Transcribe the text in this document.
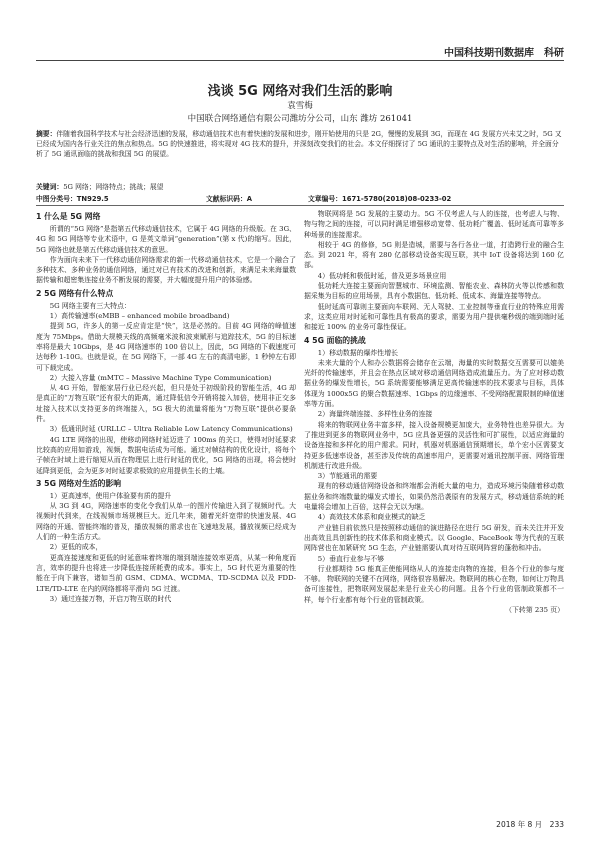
中国科技期刊数据库　科研
浅谈 5G 网络对我们生活的影响
袁雪梅
中国联合网络通信有限公司潍坊分公司，山东 潍坊 261041
摘要：伴随着我国科学技术与社会经济迅速的发展，移动通信技术也有着快速的发展和进步，刚开始使用的只是 2G，慢慢的发展到 3G，而现在 4G 发展方兴未艾之时，5G 又已经成为国内各行业关注的焦点和热点。5G 的快速推进，将实现对 4G 技术的提升，并深刻改变我们的社会。本文仔细探讨了 5G 通讯的主要特点及对生活的影响，并全面分析了 5G 通讯面临的挑战和我国 5G 的展望。
关键词：5G 网络；网络特点；挑战；展望
中图分类号：TN929.5	文献标识码：A	文章编号：1671-5780(2018)08-0233-02
1 什么是 5G 网络

所谓的“5G 网络”是指第五代移动通信技术，它属于 4G 网络的升级版。在 3G、4G 和 5G 网络等专业术语中，G 是英文单词“generation”(第 x 代)的缩写。因此，5G 网络也就是第五代移动通信技术的意思。

作为面向未来下一代移动通信网络需求的新一代移动通信技术，它是一个融合了多种技术、多种业务的通信网络，通过对已有技术的改进和创新，来满足未来海量数据传输和超密集连接业务不断发展的需要，并大幅度提升用户的体验感。

2 5G 网络有什么特点

5G 网络主要有三大特点：

1）高传输速率(eMBB – enhanced mobile broadband)

提到 5G，许多人的第一反应肯定是“快”，这是必然的。目前 4G 网络的峰值速度为 75Mbps。借助大规模天线的高频毫米波和波束赋形与追踪技术，5G 的目标速率将是最大 10Gbps，是 4G 网络速率的 100 倍以上，因此，5G 网络的下载速度可达每秒 1-10G。也就是说，在 5G 网络下，一部 4G 左右的高清电影，1 秒钟左右即可下载完成。

2）大接入容量 (mMTC – Massive Machine Type Communication)

从 4G 开始，智能家居行业已经兴起，但只是处于初级阶段的智能生活，4G 却是真正的“万物互联”还有很大的距离，通过降低信令开销将接入加倍，使用非正交多址接入技术以支持更多的终端接入，5G 极大的流量将能为“万物互联”提供必要条件。

3）低通讯时延 (URLLC – Ultra Reliable Low Latency Communications)

4G LTE 网络的出现，使移动网络时延迈进了 100ms 的关口，使得对时延要求比较高的应用如游戏，视频，数据电话成为可能。通过对帧结构的优化设计，将每个子帧在时域上进行缩短从而在物理层上进行时延的优化，5G 网络的出现，将会使时延降到更低，会为更多对时延要求极致的应用提供生长的土壤。

3 5G 网络对生活的影响

1）更高速率，使用户体验要有质的提升

从 3G 到 4G，网络速率的变化令我们从单一的图片传输进入到了视频时代。大视频时代到来，在线视频市场规模巨大。近几年来，随着光纤宽带的快速发展、4G 网络的开通、智能终端的普及，播放视频的需求也在飞速地发展，播放视频已经成为人们的一种生活方式。

2）更低的成本，

更高连接速度和更低的时延意味着终端的端到端连接效率更高，从某一种角度而言，效率的提升也将进一步降低连接所耗费的成本。事实上，5G 时代更为重要的性能在于向下兼容，诸如当前 GSM、CDMA、WCDMA、TD-SCDMA 以及 FDD-LTE/TD-LTE 在内的网络都将平滑向 5G 过渡。

3）通过连接万物，开启万物互联的时代

物联网将是 5G 发展的主要动力。5G 不仅考虑人与人的连接，也考虑人与物、物与物之间的连接，可以同时满足增强移动宽带、低功耗广覆盖、低时延高可靠等多种场景的连接需求。

相较于 4G 的修修，5G 则是造城，需要与各行各业一道，打造跨行业的融合生态。到 2021 年，将有 280 亿部移动设备实现互联，其中 IoT 设备将达到 160 亿部。

4）低功耗和极低时延，普及更多场景应用

低功耗大连接主要面向智慧城市、环境监测、智能农业、森林防火等以传感和数据采集为目标的应用场景，具有小数据包、低功耗、低成本、海量连接等特点。

低时延高可靠则主要面向车联网、无人驾驶、工业控制等垂直行业的特殊应用需求，这类应用对时延和可靠性具有极高的要求，需要为用户提供毫秒级的端到端时延和接近 100% 的业务可靠性保证。

4 5G 面临的挑战

1）移动数据的爆炸性增长

未来大量的个人和办公数据将会储存在云端，海量的实时数据交互需要可以媲美光纤的传输速率，并且会在热点区域对移动通信网络造成流量压力。为了应对移动数据业务的爆发性增长，5G 系统需要能够满足更高传输速率的技术要求与目标，具体体现为 1000x5G 的聚合数据速率、1Gbps 的边缘速率、不受网络配置限制的峰值速率等方面。

2）海量终端连接、多样性业务的连接

将来的物联网业务丰富多样，接入设备规模更加庞大，业务特性也差异很大。为了推进到更多的物联网业务中，5G 应具备更强的灵活性和可扩展性，以适应海量的设备连接和多样化的用户需求。同时，机器对机器通信预期增长，单个宏小区需要支持更多低速率设备，甚至涉及传统的高速率用户，更需要对通讯控制平面、网络管理机制进行改进升级。

3）节能通讯的需要

现有的移动通信网络设备和终端都会消耗大量的电力，造成环境污染随着移动数据业务和终端数量的爆发式增长，如果仍然沿袭原有的发展方式，移动通信系统的耗电量将会增加上百倍，这样会无以为继。

4）高效技术体系和商业模式的缺乏

产业链目前依然只是按照移动通信的演进路径在进行 5G 研发，而未关注并开发出高效且具创新性的技术体系和商业模式。以 Google、FaceBook 等为代表的互联网阵营也在加紧研究 5G 生态，产业链需要认真对待互联网阵营的蓬勃和冲击。

5）垂直行业参与不够

行业都期待 5G 能真正使能网络从人的连接走向物的连接，但各个行业的参与度不够。 物联网的关键不在网络，网络很容易解决。物联网的核心在物，如何让万物具备可连接性，把物联网发展起来是行业关心的问题。且各个行业的管制政策都不一样，每个行业都有每个行业的管制政策。

（下转第 235 页）

2018 年 8 月　233
